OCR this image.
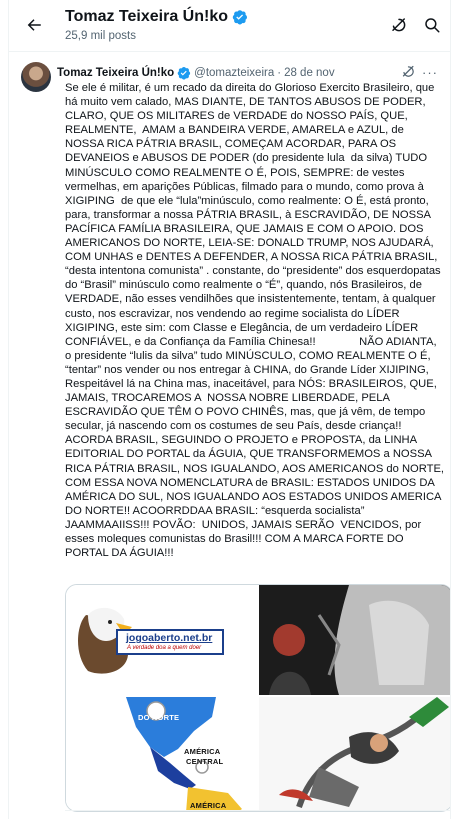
Tomaz Teixeira Ún!ko
25,9 mil posts
Tomaz Teixeira Ún!ko @tomazteixeira · 28 de nov	···
Se ele é militar, é um recado da direita do Glorioso Exercito Brasileiro, que há muito vem calado, MAS DIANTE, DE TANTOS ABUSOS DE PODER, CLARO, QUE OS MILITARES de VERDADE do NOSSO PAÍS, QUE, REALMENTE,  AMAM a BANDEIRA VERDE, AMARELA e AZUL, de NOSSA RICA PÁTRIA BRASIL, COMEÇAM ACORDAR, PARA OS DEVANEIOS e ABUSOS DE PODER (do presidente lula  da silva) TUDO MINÚSCULO COMO REALMENTE O É, POIS, SEMPRE: de vestes vermelhas, em aparições Públicas, filmado para o mundo, como prova à  XIGIPING  de que ele “lula”minúsculo, como realmente: O É, está pronto, para, transformar a nossa PÁTRIA BRASIL, à ESCRAVIDÃO, DE NOSSA  PACÍFICA FAMÍLIA BRASILEIRA, QUE JAMAIS E COM O APOIO. DOS AMERICANOS DO NORTE, LEIA-SE: DONALD TRUMP, NOS AJUDARÁ, COM UNHAS e DENTES A DEFENDER, A NOSSA RICA PÁTRIA BRASIL, “desta intentona comunista” . constante, do “presidente” dos esquerdopatas do “Brasil” minúsculo como realmente o “É”, quando, nós Brasileiros, de VERDADE, não esses vendilhões que insistentemente, tentam, à qualquer custo, nos escravizar, nos vendendo ao regime socialista do LÍDER XIGIPING, este sim: com Classe e Elegância, de um verdadeiro LÍDER CONFIÁVEL, e da Confiança da Família Chinesa!!              NÃO ADIANTA, o presidente “lulis da silva” tudo MINÚSCULO, COMO REALMENTE O É, “tentar” nos vender ou nos entregar à CHINA, do Grande Líder XIJIPING, Respeitável lá na China mas, inaceitável, para NÓS: BRASILEIROS, QUE, JAMAIS, TROCAREMOS A  NOSSA NOBRE LIBERDADE, PELA ESCRAVIDÃO QUE TÊM O POVO CHINÊS, mas, que já vêm, de tempo secular, já nascendo com os costumes de seu País, desde criança!! ACORDA BRASIL, SEGUINDO O PROJETO e PROPOSTA, da LINHA EDITORIAL DO PORTAL da ÁGUIA, QUE TRANSFORMEMOS a NOSSA RICA PÁTRIA BRASIL, NOS IGUALANDO, AOS AMERICANOS do NORTE, COM ESSA NOVA NOMENCLATURA de BRASIL: ESTADOS UNIDOS DA AMÉRICA DO SUL, NOS IGUALANDO AOS ESTADOS UNIDOS AMERICA DO NORTE!! ACOORRDDAA BRASIL: “esquerda socialista” JAAMMAAIISS!!! POVÃO:  UNIDOS, JAMAIS SERÃO  VENCIDOS, por esses moleques comunistas do Brasil!!! COM A MARCA FORTE DO PORTAL DA ÁGUIA!!!
jogoaberto.net.br
A verdade doa a quem doer
DO NORTE
AMÉRICA
CENTRAL
AMÉRICA
